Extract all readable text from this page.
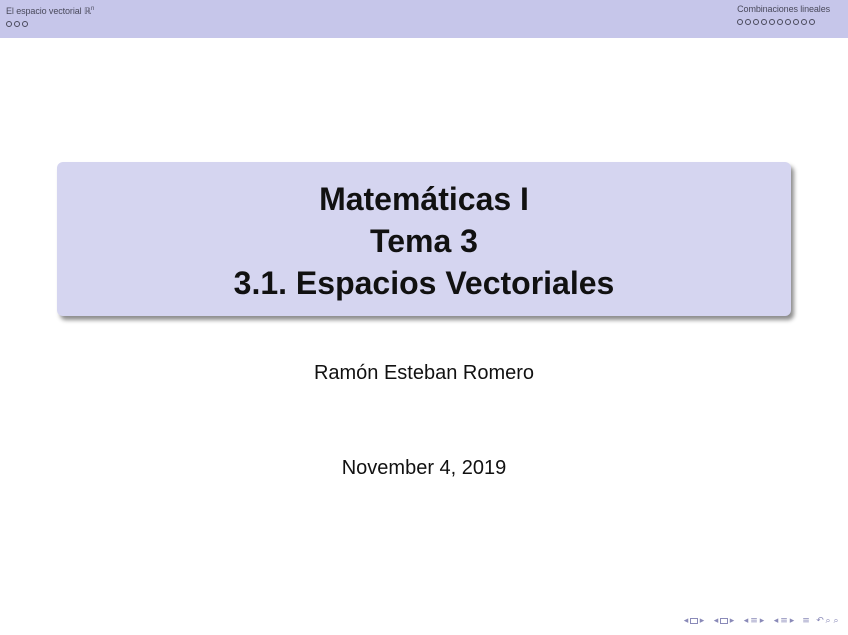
El espacio vectorial ℝ$^n$	Combinaciones lineales
Matemáticas I
Tema 3
3.1. Espacios Vectoriales
Ramón Esteban Romero
November 4, 2019
◂ ▸ ◂ ▸ ◂ ≡ ▸ ◂ ≡ ▸ ≡ ↶ ⌕ ⌕
